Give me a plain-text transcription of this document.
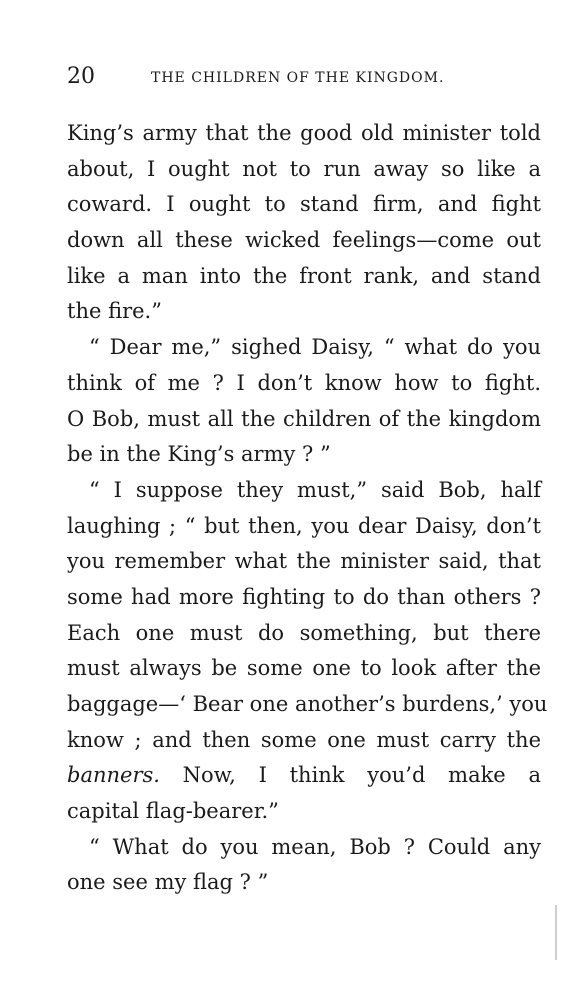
20	THE CHILDREN OF THE KINGDOM.
King’s army that the good old minister told
about, I ought not to run away so like a
coward. I ought to stand firm, and fight
down all these wicked feelings—come out
like a man into the front rank, and stand
the fire.”
“ Dear me,” sighed Daisy, “ what do you
think of me ? I don’t know how to fight.
O Bob, must all the children of the kingdom
be in the King’s army ? ”
“ I suppose they must,” said Bob, half
laughing ; “ but then, you dear Daisy, don’t
you remember what the minister said, that
some had more fighting to do than others ?
Each one must do something, but there
must always be some one to look after the
baggage—‘ Bear one another’s burdens,’ you
know ; and then some one must carry the
banners. Now, I think you’d make a
capital flag-bearer.”
“ What do you mean, Bob ? Could any
one see my flag ? ”
